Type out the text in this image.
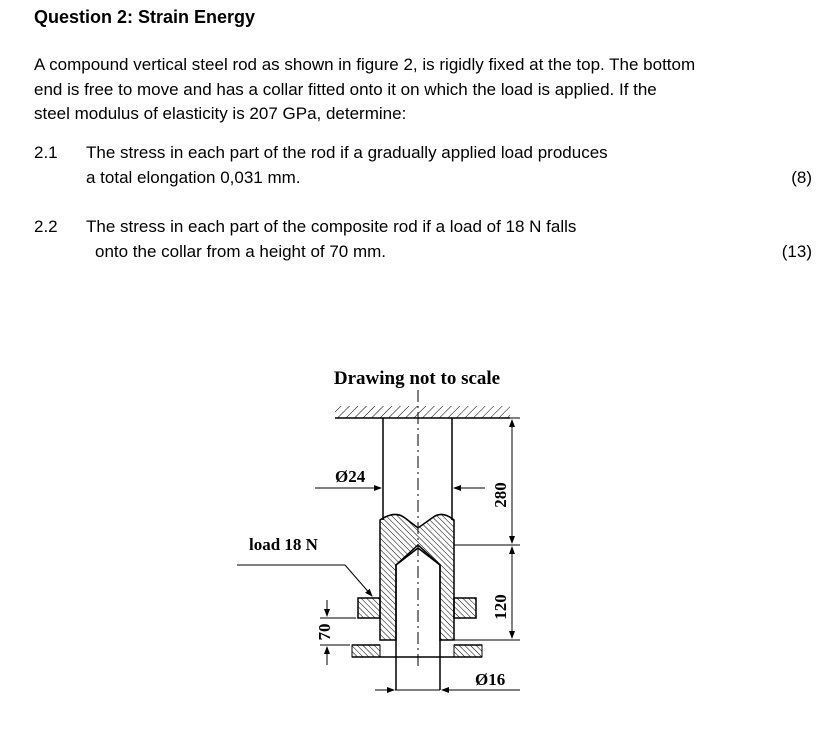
Question 2: Strain Energy
A compound vertical steel rod as shown in figure 2, is rigidly fixed at the top. The bottom
end is free to move and has a collar fitted onto it on which the load is applied. If the
steel modulus of elasticity is 207 GPa, determine:
2.1 The stress in each part of the rod if a gradually applied load produces
a total elongation 0,031 mm.	(8)
2.2 The stress in each part of the composite rod if a load of 18 N falls
onto the collar from a height of 70 mm.	(13)
Drawing not to scale
Ø24
280
120
load 18 N
70
Ø16
